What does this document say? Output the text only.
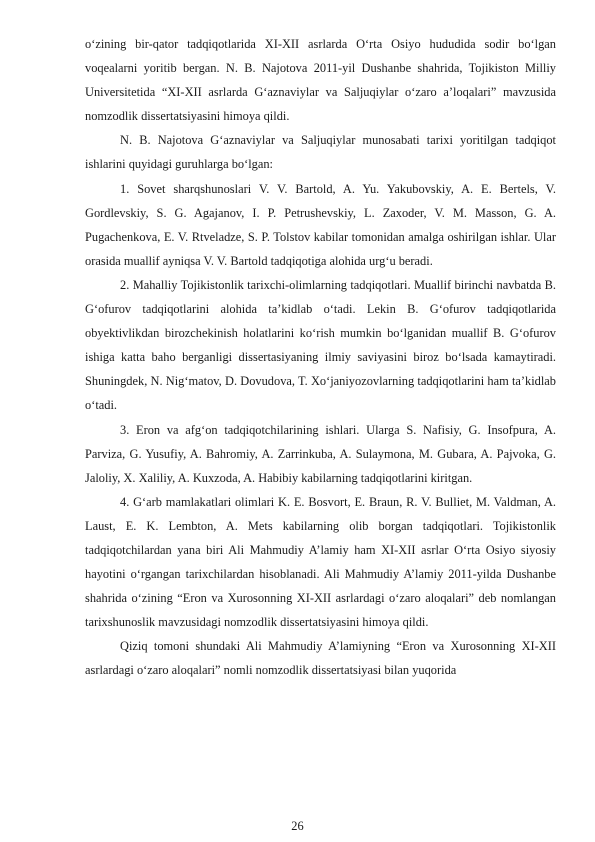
o‘zining bir-qator tadqiqotlarida XI-XII asrlarda O‘rta Osiyo hududida sodir bo‘lgan voqealarni yoritib bergan. N. B. Najotova 2011-yil Dushanbe shahrida, Tojikiston Milliy Universitetida “XI-XII asrlarda G‘aznaviylar va Saljuqiylar o‘zaro a’loqalari” mavzusida nomzodlik dissertatsiyasini himoya qildi.

N. B. Najotova G‘aznaviylar va Saljuqiylar munosabati tarixi yoritilgan tadqiqot ishlarini quyidagi guruhlarga bo‘lgan:

1. Sovet sharqshunoslari V. V. Bartold, A. Yu. Yakubovskiy, A. E. Bertels, V. Gordlevskiy, S. G. Agajanov, I. P. Petrushevskiy, L. Zaxoder, V. M. Masson, G. A. Pugachenkova, E. V. Rtveladze, S. P. Tolstov kabilar tomonidan amalga oshirilgan ishlar. Ular orasida muallif ayniqsa V. V. Bartold tadqiqotiga alohida urg‘u beradi.

2. Mahalliy Tojikistonlik tarixchi-olimlarning tadqiqotlari. Muallif birinchi navbatda B. G‘ofurov tadqiqotlarini alohida ta’kidlab o‘tadi. Lekin B. G‘ofurov tadqiqotlarida obyektivlikdan birozchekinish holatlarini ko‘rish mumkin bo‘lganidan muallif B. G‘ofurov ishiga katta baho berganligi dissertasiyaning ilmiy saviyasini biroz bo‘lsada kamaytiradi. Shuningdek, N. Nig‘matov, D. Dovudova, T. Xo‘janiyozovlarning tadqiqotlarini ham ta’kidlab o‘tadi.

3. Eron va afg‘on tadqiqotchilarining ishlari. Ularga S. Nafisiy, G. Insofpura, A. Parviza, G. Yusufiy, A. Bahromiy, A. Zarrinkuba, A. Sulaymona, M. Gubara, A. Pajvoka, G. Jaloliy, X. Xaliliy, A. Kuxzoda, A. Habibiy kabilarning tadqiqotlarini kiritgan.

4. G‘arb mamlakatlari olimlari K. E. Bosvort, E. Braun, R. V. Bulliet, M. Valdman, A. Laust, E. K. Lembton, A. Mets kabilarning olib borgan tadqiqotlari. Tojikistonlik tadqiqotchilardan yana biri Ali Mahmudiy A’lamiy ham XI-XII asrlar O‘rta Osiyo siyosiy hayotini o‘rgangan tarixchilardan hisoblanadi. Ali Mahmudiy A’lamiy 2011-yilda Dushanbe shahrida o‘zining “Eron va Xurosonning XI-XII asrlardagi o‘zaro aloqalari” deb nomlangan tarixshunoslik mavzusidagi nomzodlik dissertatsiyasini himoya qildi.

Qiziq tomoni shundaki Ali Mahmudiy A’lamiyning “Eron va Xurosonning XI-XII asrlardagi o‘zaro aloqalari” nomli nomzodlik dissertatsiyasi bilan yuqorida

26
